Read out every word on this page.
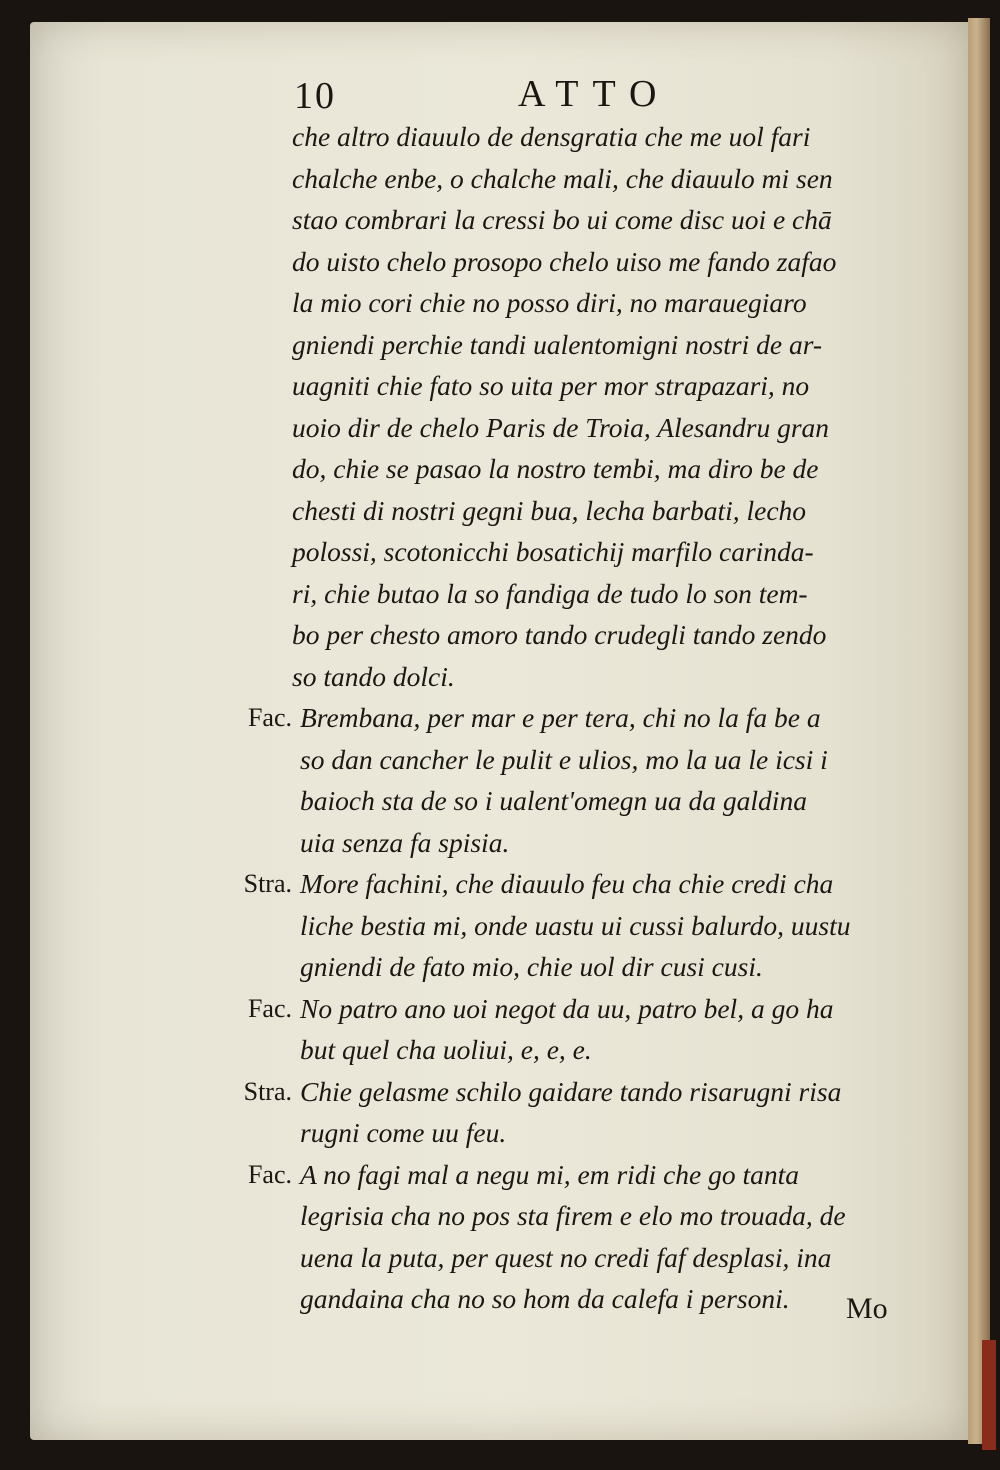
10	ATTO
che altro diauulo de densgratia che me uol fari
chalche enbe, o chalche mali, che diauulo mi sen
stao combrari la cressi bo ui come disc uoi e chā
do uisto chelo prosopo chelo uiso me fando zafao
la mio cori chie no posso diri, no marauegiaro
gniendi perchie tandi ualentomigni nostri de ar-
uagniti chie fato so uita per mor strapazari, no
uoio dir de chelo Paris de Troia, Alesandru gran
do, chie se pasao la nostro tembi, ma diro be de
chesti di nostri gegni bua, lecha barbati, lecho
polossi, scotonicchi bosatichij marfilo carinda-
ri, chie butao la so fandiga de tudo lo son tem-
bo per chesto amoro tando crudegli tando zendo
so tando dolci.
Fac. Brembana, per mar e per tera, chi no la fa be a
so dan cancher le pulit e ulios, mo la ua le icsi i
baioch sta de so i ualent'omegn ua da galdina
uia senza fa spisia.
Stra. More fachini, che diauulo feu cha chie credi cha
liche bestia mi, onde uastu ui cussi balurdo, uustu
gniendi de fato mio, chie uol dir cusi cusi.
Fac. No patro ano uoi negot da uu, patro bel, a go ha
but quel cha uoliui, e, e, e.
Stra. Chie gelasme schilo gaidare tando risarugni risa
rugni come uu feu.
Fac. A no fagi mal a negu mi, em ridi che go tanta
legrisia cha no pos sta firem e elo mo trouada, de
uena la puta, per quest no credi faf desplasi, ina
gandaina cha no so hom da calefa i personi.	Mo
